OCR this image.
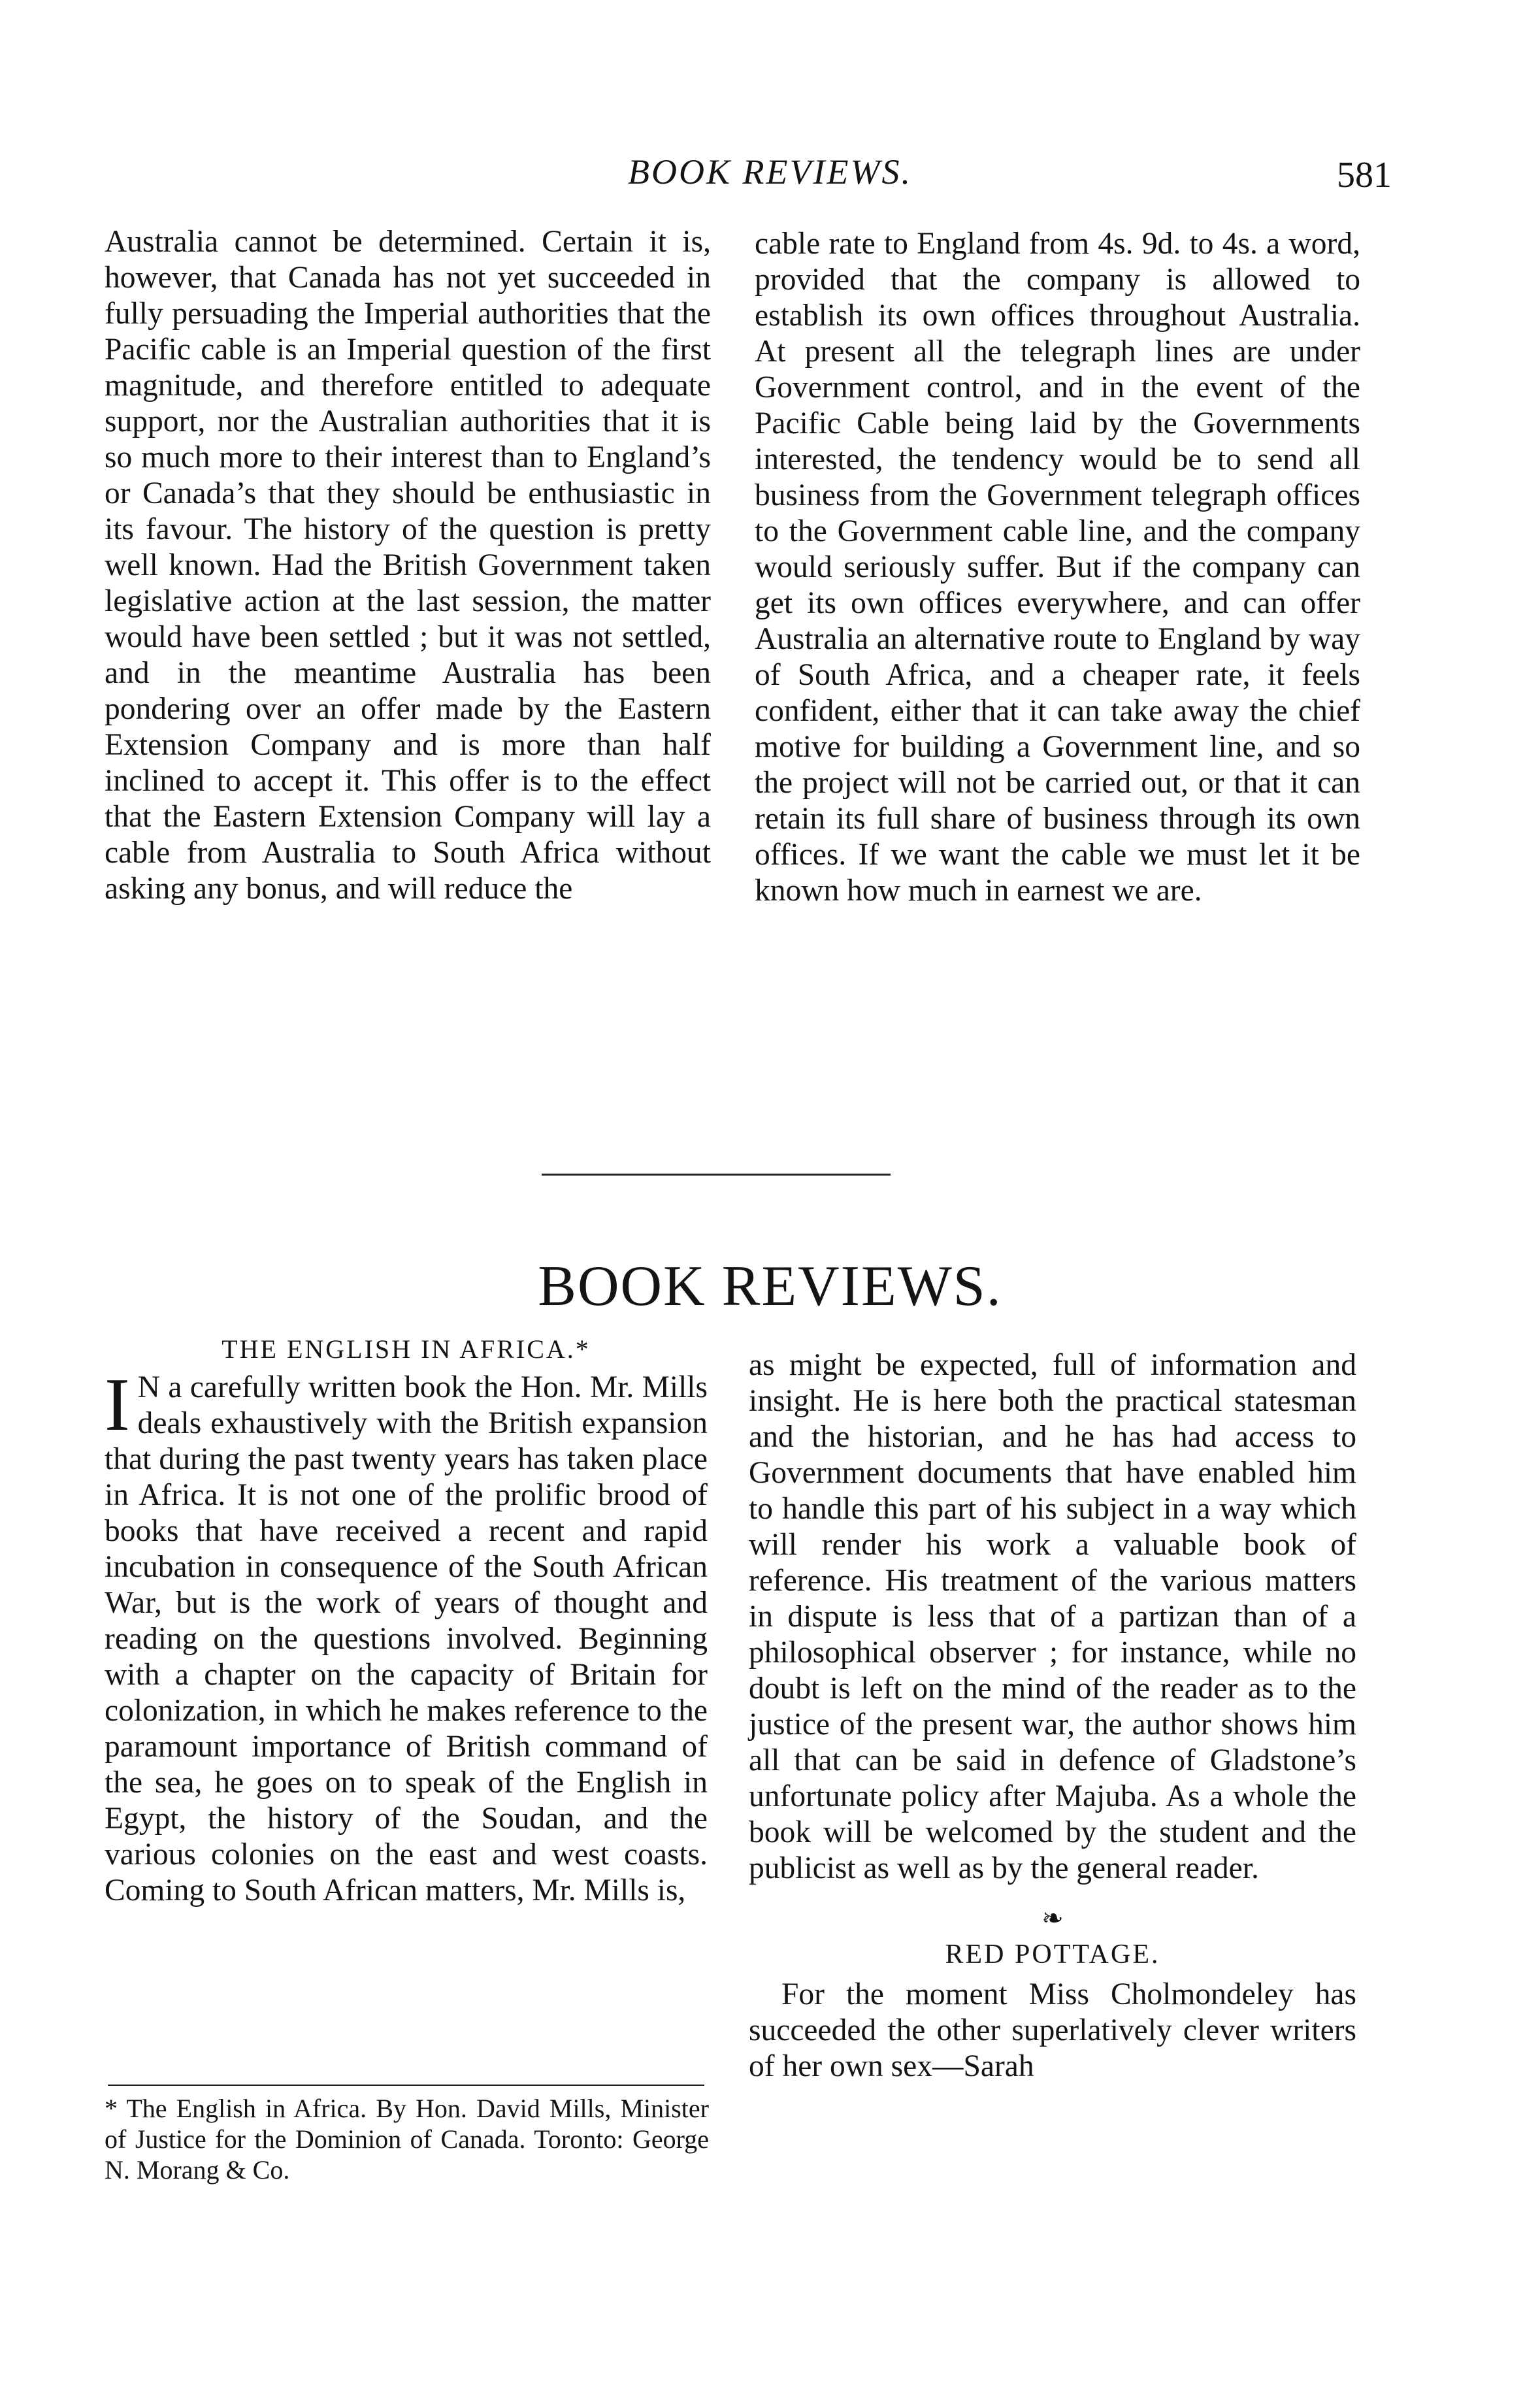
BOOK REVIEWS.	581

Australia cannot be determined. Certain it is, however, that Canada has not yet succeeded in fully persuading the Imperial authorities that the Pacific cable is an Imperial question of the first magnitude, and therefore entitled to adequate support, nor the Australian authorities that it is so much more to their interest than to England’s or Canada’s that they should be enthusiastic in its favour. The history of the question is pretty well known. Had the British Government taken legislative action at the last session, the matter would have been settled ; but it was not settled, and in the meantime Australia has been pondering over an offer made by the Eastern Extension Company and is more than half inclined to accept it. This offer is to the effect that the Eastern Extension Company will lay a cable from Australia to South Africa without asking any bonus, and will reduce the

cable rate to England from 4s. 9d. to 4s. a word, provided that the company is allowed to establish its own offices throughout Australia. At present all the telegraph lines are under Government control, and in the event of the Pacific Cable being laid by the Governments interested, the tendency would be to send all business from the Government telegraph offices to the Government cable line, and the company would seriously suffer. But if the company can get its own offices everywhere, and can offer Australia an alternative route to England by way of South Africa, and a cheaper rate, it feels confident, either that it can take away the chief motive for building a Government line, and so the project will not be carried out, or that it can retain its full share of business through its own offices. If we want the cable we must let it be known how much in earnest we are.

BOOK REVIEWS.
THE ENGLISH IN AFRICA.*

I N a carefully written book the Hon. Mr. Mills deals exhaustively with the British expansion that during the past twenty years has taken place in Africa. It is not one of the prolific brood of books that have received a recent and rapid incubation in consequence of the South African War, but is the work of years of thought and reading on the questions involved. Beginning with a chapter on the capacity of Britain for colonization, in which he makes reference to the paramount importance of British command of the sea, he goes on to speak of the English in Egypt, the history of the Soudan, and the various colonies on the east and west coasts. Coming to South African matters, Mr. Mills is,

as might be expected, full of information and insight. He is here both the practical statesman and the historian, and he has had access to Government documents that have enabled him to handle this part of his subject in a way which will render his work a valuable book of reference. His treatment of the various matters in dispute is less that of a partizan than of a philosophical observer ; for instance, while no doubt is left on the mind of the reader as to the justice of the present war, the author shows him all that can be said in defence of Gladstone’s unfortunate policy after Majuba. As a whole the book will be welcomed by the student and the publicist as well as by the general reader.

❧
RED POTTAGE.

For the moment Miss Cholmondeley has succeeded the other superlatively clever writers of her own sex—Sarah

* The English in Africa. By Hon. David Mills, Minister of Justice for the Dominion of Canada. Toronto: George N. Morang & Co.
